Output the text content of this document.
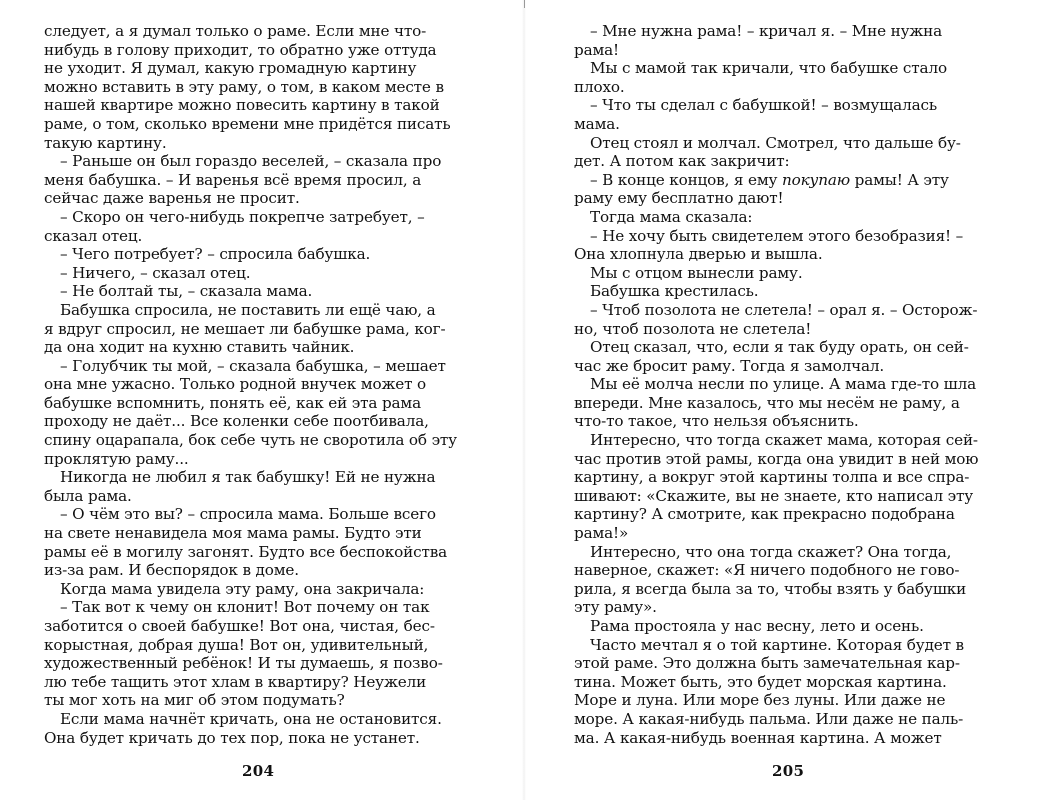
следует, а я думал только о раме. Если мне что-
нибудь в голову приходит, то обратно уже оттуда
не уходит. Я думал, какую громадную картину
можно вставить в эту раму, о том, в каком месте в
нашей квартире можно повесить картину в такой
раме, о том, сколько времени мне придётся писать
такую картину.
– Раньше он был гораздо веселей, – сказала про
меня бабушка. – И варенья всё время просил, а
сейчас даже варенья не просит.
– Скоро он чего-нибудь покрепче затребует, –
сказал отец.
– Чего потребует? – спросила бабушка.
– Ничего, – сказал отец.
– Не болтай ты, – сказала мама.
Бабушка спросила, не поставить ли ещё чаю, а
я вдруг спросил, не мешает ли бабушке рама, ког-
да она ходит на кухню ставить чайник.
– Голубчик ты мой, – сказала бабушка, – мешает
она мне ужасно. Только родной внучек может о
бабушке вспомнить, понять её, как ей эта рама
проходу не даёт... Все коленки себе поотбивала,
спину оцарапала, бок себе чуть не своротила об эту
проклятую раму...
Никогда не любил я так бабушку! Ей не нужна
была рама.
– О чём это вы? – спросила мама. Больше всего
на свете ненавидела моя мама рамы. Будто эти
рамы её в могилу загонят. Будто все беспокойства
из-за рам. И беспорядок в доме.
Когда мама увидела эту раму, она закричала:
– Так вот к чему он клонит! Вот почему он так
заботится о своей бабушке! Вот она, чистая, бес-
корыстная, добрая душа! Вот он, удивительный,
художественный ребёнок! И ты думаешь, я позво-
лю тебе тащить этот хлам в квартиру? Неужели
ты мог хоть на миг об этом подумать?
Если мама начнёт кричать, она не остановится.
Она будет кричать до тех пор, пока не устанет.
204
– Мне нужна рама! – кричал я. – Мне нужна
рама!
Мы с мамой так кричали, что бабушке стало
плохо.
– Что ты сделал с бабушкой! – возмущалась
мама.
Отец стоял и молчал. Смотрел, что дальше бу-
дет. А потом как закричит:
– В конце концов, я ему покупаю рамы! А эту
раму ему бесплатно дают!
Тогда мама сказала:
– Не хочу быть свидетелем этого безобразия! –
Она хлопнула дверью и вышла.
Мы с отцом вынесли раму.
Бабушка крестилась.
– Чтоб позолота не слетела! – орал я. – Осторож-
но, чтоб позолота не слетела!
Отец сказал, что, если я так буду орать, он сей-
час же бросит раму. Тогда я замолчал.
Мы её молча несли по улице. А мама где-то шла
впереди. Мне казалось, что мы несём не раму, а
что-то такое, что нельзя объяснить.
Интересно, что тогда скажет мама, которая сей-
час против этой рамы, когда она увидит в ней мою
картину, а вокруг этой картины толпа и все спра-
шивают: «Скажите, вы не знаете, кто написал эту
картину? А смотрите, как прекрасно подобрана
рама!»
Интересно, что она тогда скажет? Она тогда,
наверное, скажет: «Я ничего подобного не гово-
рила, я всегда была за то, чтобы взять у бабушки
эту раму».
Рама простояла у нас весну, лето и осень.
Часто мечтал я о той картине. Которая будет в
этой раме. Это должна быть замечательная кар-
тина. Может быть, это будет морская картина.
Море и луна. Или море без луны. Или даже не
море. А какая-нибудь пальма. Или даже не паль-
ма. А какая-нибудь военная картина. А может
205
